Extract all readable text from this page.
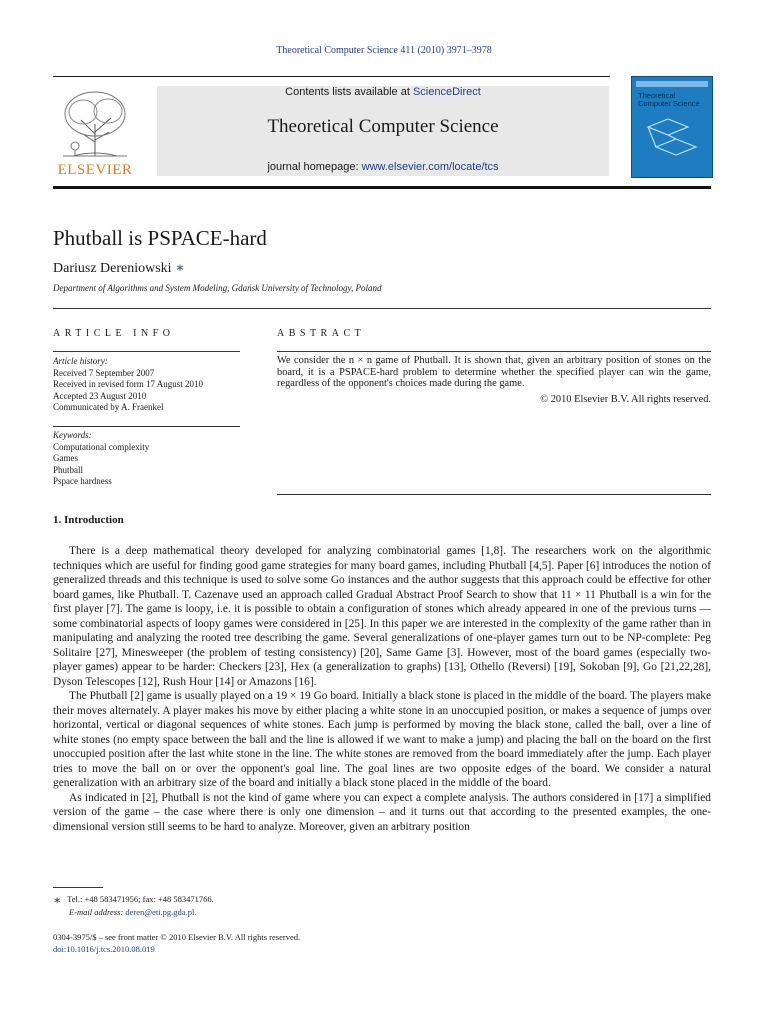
Theoretical Computer Science 411 (2010) 3971–3978
ELSEVIER
Contents lists available at ScienceDirect
Theoretical Computer Science
journal homepage: www.elsevier.com/locate/tcs
Theoretical Computer Science
Phutball is PSPACE-hard
Dariusz Dereniowski ∗
Department of Algorithms and System Modeling, Gdańsk University of Technology, Poland
ARTICLE INFO	ABSTRACT
Article history:
Received 7 September 2007
Received in revised form 17 August 2010
Accepted 23 August 2010
Communicated by A. Fraenkel
Keywords:
Computational complexity
Games
Phutball
Pspace hardness
We consider the n × n game of Phutball. It is shown that, given an arbitrary position of stones on the board, it is a PSPACE-hard problem to determine whether the specified player can win the game, regardless of the opponent's choices made during the game.
© 2010 Elsevier B.V. All rights reserved.
1. Introduction

There is a deep mathematical theory developed for analyzing combinatorial games [1,8]. The researchers work on the algorithmic techniques which are useful for finding good game strategies for many board games, including Phutball [4,5]. Paper [6] introduces the notion of generalized threads and this technique is used to solve some Go instances and the author suggests that this approach could be effective for other board games, like Phutball. T. Cazenave used an approach called Gradual Abstract Proof Search to show that 11 × 11 Phutball is a win for the first player [7]. The game is loopy, i.e. it is possible to obtain a configuration of stones which already appeared in one of the previous turns — some combinatorial aspects of loopy games were considered in [25]. In this paper we are interested in the complexity of the game rather than in manipulating and analyzing the rooted tree describing the game. Several generalizations of one-player games turn out to be NP-complete: Peg Solitaire [27], Minesweeper (the problem of testing consistency) [20], Same Game [3]. However, most of the board games (especially two-player games) appear to be harder: Checkers [23], Hex (a generalization to graphs) [13], Othello (Reversi) [19], Sokoban [9], Go [21,22,28], Dyson Telescopes [12], Rush Hour [14] or Amazons [16].

The Phutball [2] game is usually played on a 19 × 19 Go board. Initially a black stone is placed in the middle of the board. The players make their moves alternately. A player makes his move by either placing a white stone in an unoccupied position, or makes a sequence of jumps over horizontal, vertical or diagonal sequences of white stones. Each jump is performed by moving the black stone, called the ball, over a line of white stones (no empty space between the ball and the line is allowed if we want to make a jump) and placing the ball on the board on the first unoccupied position after the last white stone in the line. The white stones are removed from the board immediately after the jump. Each player tries to move the ball on or over the opponent's goal line. The goal lines are two opposite edges of the board. We consider a natural generalization with an arbitrary size of the board and initially a black stone placed in the middle of the board.

As indicated in [2], Phutball is not the kind of game where you can expect a complete analysis. The authors considered in [17] a simplified version of the game – the case where there is only one dimension – and it turns out that according to the presented examples, the one-dimensional version still seems to be hard to analyze. Moreover, given an arbitrary position

∗ Tel.: +48 583471956; fax: +48 583471766.
E-mail address: deren@eti.pg.gda.pl.
0304-3975/$ – see front matter © 2010 Elsevier B.V. All rights reserved.
doi:10.1016/j.tcs.2010.08.019
